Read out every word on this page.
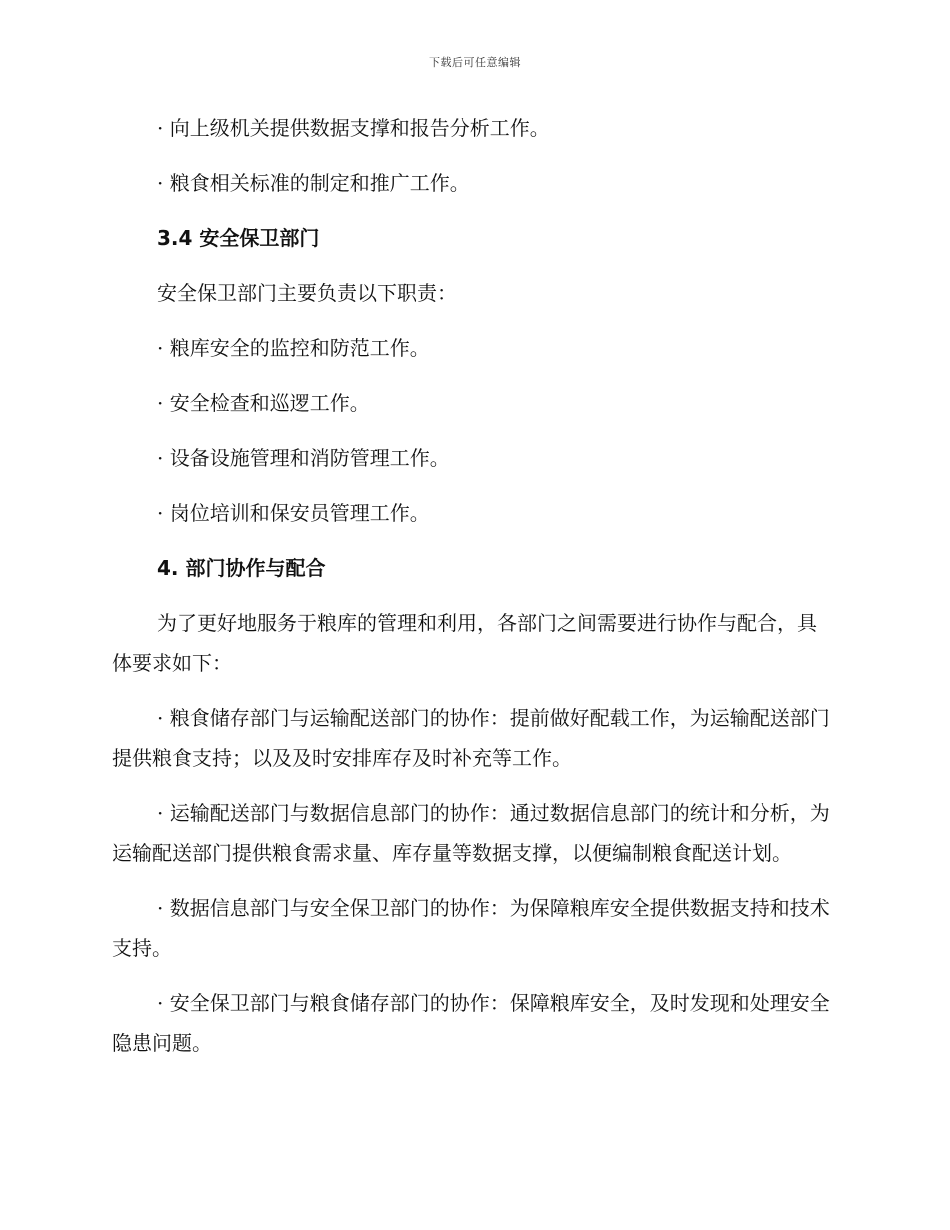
下载后可任意编辑

· 向上级机关提供数据支撑和报告分析工作。

· 粮食相关标准的制定和推广工作。

3.4 安全保卫部门

安全保卫部门主要负责以下职责：

· 粮库安全的监控和防范工作。

· 安全检查和巡逻工作。

· 设备设施管理和消防管理工作。

· 岗位培训和保安员管理工作。

4. 部门协作与配合

为了更好地服务于粮库的管理和利用，各部门之间需要进行协作与配合，具体要求如下：

· 粮食储存部门与运输配送部门的协作：提前做好配载工作，为运输配送部门提供粮食支持；以及及时安排库存及时补充等工作。

· 运输配送部门与数据信息部门的协作：通过数据信息部门的统计和分析，为运输配送部门提供粮食需求量、库存量等数据支撑，以便编制粮食配送计划。

· 数据信息部门与安全保卫部门的协作：为保障粮库安全提供数据支持和技术支持。

· 安全保卫部门与粮食储存部门的协作：保障粮库安全，及时发现和处理安全隐患问题。
